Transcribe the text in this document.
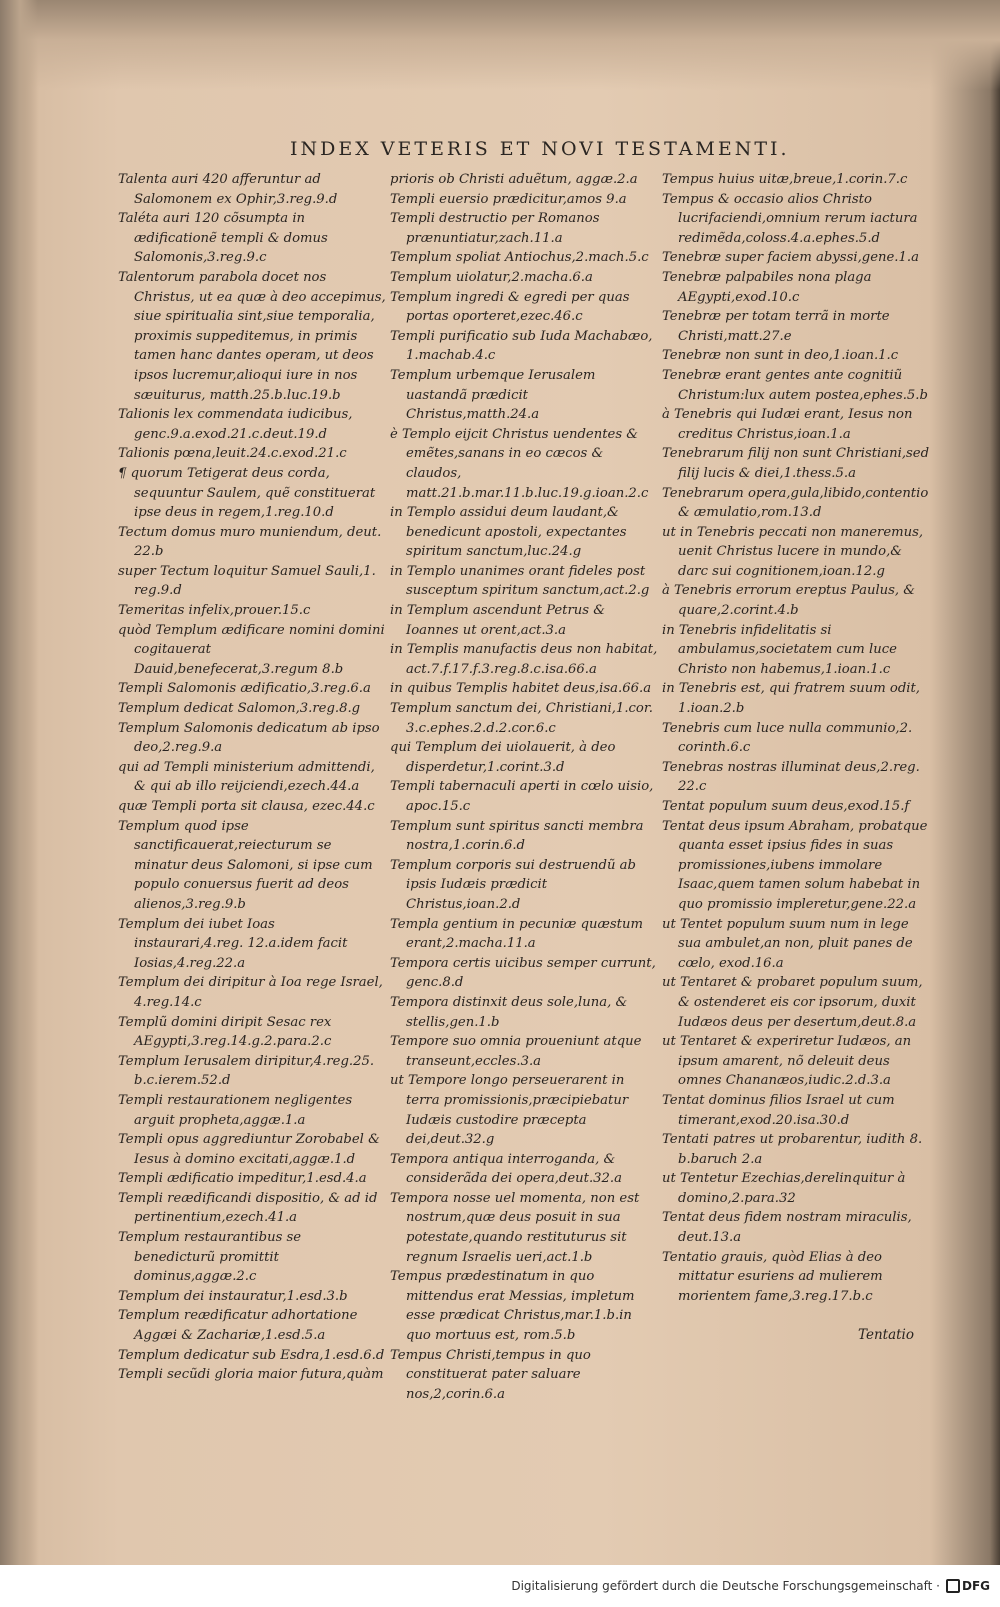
INDEX VETERIS ET NOVI TESTAMENTI.

Talenta auri 420 afferuntur ad Salomonem ex Ophir,3.reg.9.d

Taléta auri 120 cõsumpta in ædificationẽ templi & domus Salomonis,3.reg.9.c

Talentorum parabola docet nos Christus, ut ea quæ à deo accepimus, siue spiritualia sint,siue temporalia, proximis suppeditemus, in primis tamen hanc dantes operam, ut deos ipsos lucremur,alioqui iure in nos sæuiturus, matth.25.b.luc.19.b

Talionis lex commendata iudicibus, genc.9.a.exod.21.c.deut.19.d

Talionis pœna,leuit.24.c.exod.21.c

¶ quorum Tetigerat deus corda, sequuntur Saulem, quẽ constituerat ipse deus in regem,1.reg.10.d

Tectum domus muro muniendum, deut. 22.b

super Tectum loquitur Samuel Sauli,1. reg.9.d

Temeritas infelix,prouer.15.c

quòd Templum ædificare nomini domini cogitauerat Dauid,benefecerat,3.regum 8.b

Templi Salomonis ædificatio,3.reg.6.a

Templum dedicat Salomon,3.reg.8.g

Templum Salomonis dedicatum ab ipso deo,2.reg.9.a

qui ad Templi ministerium admittendi, & qui ab illo reijciendi,ezech.44.a

quæ Templi porta sit clausa, ezec.44.c

Templum quod ipse sanctificauerat,reiecturum se minatur deus Salomoni, si ipse cum populo conuersus fuerit ad deos alienos,3.reg.9.b

Templum dei iubet Ioas instaurari,4.reg. 12.a.idem facit Iosias,4.reg.22.a

Templum dei diripitur à Ioa rege Israel, 4.reg.14.c

Templũ domini diripit Sesac rex AEgypti,3.reg.14.g.2.para.2.c

Templum Ierusalem diripitur,4.reg.25. b.c.ierem.52.d

Templi restaurationem negligentes arguit propheta,aggæ.1.a

Templi opus aggrediuntur Zorobabel & Iesus à domino excitati,aggæ.1.d

Templi ædificatio impeditur,1.esd.4.a

Templi reædificandi dispositio, & ad id pertinentium,ezech.41.a

Templum restaurantibus se benedicturũ promittit dominus,aggæ.2.c

Templum dei instauratur,1.esd.3.b

Templum reædificatur adhortatione Aggæi & Zachariæ,1.esd.5.a

Templum dedicatur sub Esdra,1.esd.6.d

Templi secũdi gloria maior futura,quàm

prioris ob Christi aduẽtum, aggæ.2.a

Templi euersio prædicitur,amos 9.a

Templi destructio per Romanos prænuntiatur,zach.11.a

Templum spoliat Antiochus,2.mach.5.c

Templum uiolatur,2.macha.6.a

Templum ingredi & egredi per quas portas oporteret,ezec.46.c

Templi purificatio sub Iuda Machabæo, 1.machab.4.c

Templum urbemque Ierusalem uastandã prædicit Christus,matth.24.a

è Templo eijcit Christus uendentes & emẽtes,sanans in eo cæcos & claudos, matt.21.b.mar.11.b.luc.19.g.ioan.2.c

in Templo assidui deum laudant,& benedicunt apostoli, expectantes spiritum sanctum,luc.24.g

in Templo unanimes orant fideles post susceptum spiritum sanctum,act.2.g

in Templum ascendunt Petrus & Ioannes ut orent,act.3.a

in Templis manufactis deus non habitat, act.7.f.17.f.3.reg.8.c.isa.66.a

in quibus Templis habitet deus,isa.66.a

Templum sanctum dei, Christiani,1.cor. 3.c.ephes.2.d.2.cor.6.c

qui Templum dei uiolauerit, à deo disperdetur,1.corint.3.d

Templi tabernaculi aperti in cœlo uisio, apoc.15.c

Templum sunt spiritus sancti membra nostra,1.corin.6.d

Templum corporis sui destruendũ ab ipsis Iudæis prædicit Christus,ioan.2.d

Templa gentium in pecuniæ quæstum erant,2.macha.11.a

Tempora certis uicibus semper currunt, genc.8.d

Tempora distinxit deus sole,luna, & stellis,gen.1.b

Tempore suo omnia proueniunt atque transeunt,eccles.3.a

ut Tempore longo perseuerarent in terra promissionis,præcipiebatur Iudæis custodire præcepta dei,deut.32.g

Tempora antiqua interroganda, & considerãda dei opera,deut.32.a

Tempora nosse uel momenta, non est nostrum,quæ deus posuit in sua potestate,quando restituturus sit regnum Israelis ueri,act.1.b

Tempus prædestinatum in quo mittendus erat Messias, impletum esse prædicat Christus,mar.1.b.in quo mortuus est, rom.5.b

Tempus Christi,tempus in quo constituerat pater saluare nos,2,corin.6.a

Tempus huius uitæ,breue,1.corin.7.c

Tempus & occasio alios Christo lucrifaciendi,omnium rerum iactura redimẽda,coloss.4.a.ephes.5.d

Tenebræ super faciem abyssi,gene.1.a

Tenebræ palpabiles nona plaga AEgypti,exod.10.c

Tenebræ per totam terrã in morte Christi,matt.27.e

Tenebræ non sunt in deo,1.ioan.1.c

Tenebræ erant gentes ante cognitiũ Christum:lux autem postea,ephes.5.b

à Tenebris qui Iudæi erant, Iesus non creditus Christus,ioan.1.a

Tenebrarum filij non sunt Christiani,sed filij lucis & diei,1.thess.5.a

Tenebrarum opera,gula,libido,contentio & æmulatio,rom.13.d

ut in Tenebris peccati non maneremus, uenit Christus lucere in mundo,& darc sui cognitionem,ioan.12.g

à Tenebris errorum ereptus Paulus, & quare,2.corint.4.b

in Tenebris infidelitatis si ambulamus,societatem cum luce Christo non habemus,1.ioan.1.c

in Tenebris est, qui fratrem suum odit, 1.ioan.2.b

Tenebris cum luce nulla communio,2. corinth.6.c

Tenebras nostras illuminat deus,2.reg. 22.c

Tentat populum suum deus,exod.15.f

Tentat deus ipsum Abraham, probatque quanta esset ipsius fides in suas promissiones,iubens immolare Isaac,quem tamen solum habebat in quo promissio impleretur,gene.22.a

ut Tentet populum suum num in lege sua ambulet,an non, pluit panes de cœlo, exod.16.a

ut Tentaret & probaret populum suum, & ostenderet eis cor ipsorum, duxit Iudæos deus per desertum,deut.8.a

ut Tentaret & experiretur Iudæos, an ipsum amarent, nõ deleuit deus omnes Chananæos,iudic.2.d.3.a

Tentat dominus filios Israel ut cum timerant,exod.20.isa.30.d

Tentati patres ut probarentur, iudith 8. b.baruch 2.a

ut Tentetur Ezechias,derelinquitur à domino,2.para.32

Tentat deus fidem nostram miraculis, deut.13.a

Tentatio grauis, quòd Elias à deo mittatur esuriens ad mulierem morientem fame,3.reg.17.b.c

Tentatio
Digitalisierung gefördert durch die Deutsche Forschungsgemeinschaft · DFG
